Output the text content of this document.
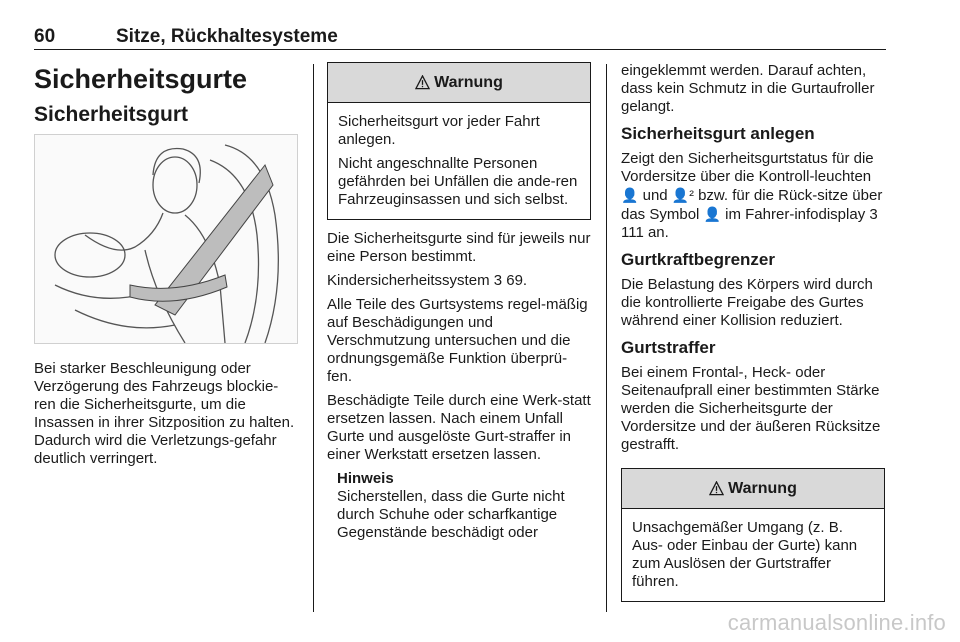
60	Sitze, Rückhaltesysteme
Sicherheitsgurte
Sicherheitsgurt

Bei starker Beschleunigung oder Verzögerung des Fahrzeugs blockie-ren die Sicherheitsgurte, um die Insassen in ihrer Sitzposition zu halten. Dadurch wird die Verletzungs-gefahr deutlich verringert.

Warnung

Sicherheitsgurt vor jeder Fahrt anlegen.

Nicht angeschnallte Personen gefährden bei Unfällen die ande-ren Fahrzeuginsassen und sich selbst.

Die Sicherheitsgurte sind für jeweils nur eine Person bestimmt.

Kindersicherheitssystem 3 69.

Alle Teile des Gurtsystems regel-mäßig auf Beschädigungen und Verschmutzung untersuchen und die ordnungsgemäße Funktion überprü-fen.

Beschädigte Teile durch eine Werk-statt ersetzen lassen. Nach einem Unfall Gurte und ausgelöste Gurt-straffer in einer Werkstatt ersetzen lassen.

Hinweis

Sicherstellen, dass die Gurte nicht durch Schuhe oder scharfkantige Gegenstände beschädigt oder

eingeklemmt werden. Darauf achten, dass kein Schmutz in die Gurtaufroller gelangt.

Sicherheitsgurt anlegen

Zeigt den Sicherheitsgurtstatus für die Vordersitze über die Kontroll-leuchten 👤 und 👤² bzw. für die Rück-sitze über das Symbol 👤 im Fahrer-infodisplay 3 111 an.

Gurtkraftbegrenzer

Die Belastung des Körpers wird durch die kontrollierte Freigabe des Gurtes während einer Kollision reduziert.

Gurtstraffer

Bei einem Frontal-, Heck- oder Seitenaufprall einer bestimmten Stärke werden die Sicherheitsgurte der Vordersitze und der äußeren Rücksitze gestrafft.

Warnung

Unsachgemäßer Umgang (z. B. Aus- oder Einbau der Gurte) kann zum Auslösen der Gurtstraffer führen.

carmanualsonline.info
